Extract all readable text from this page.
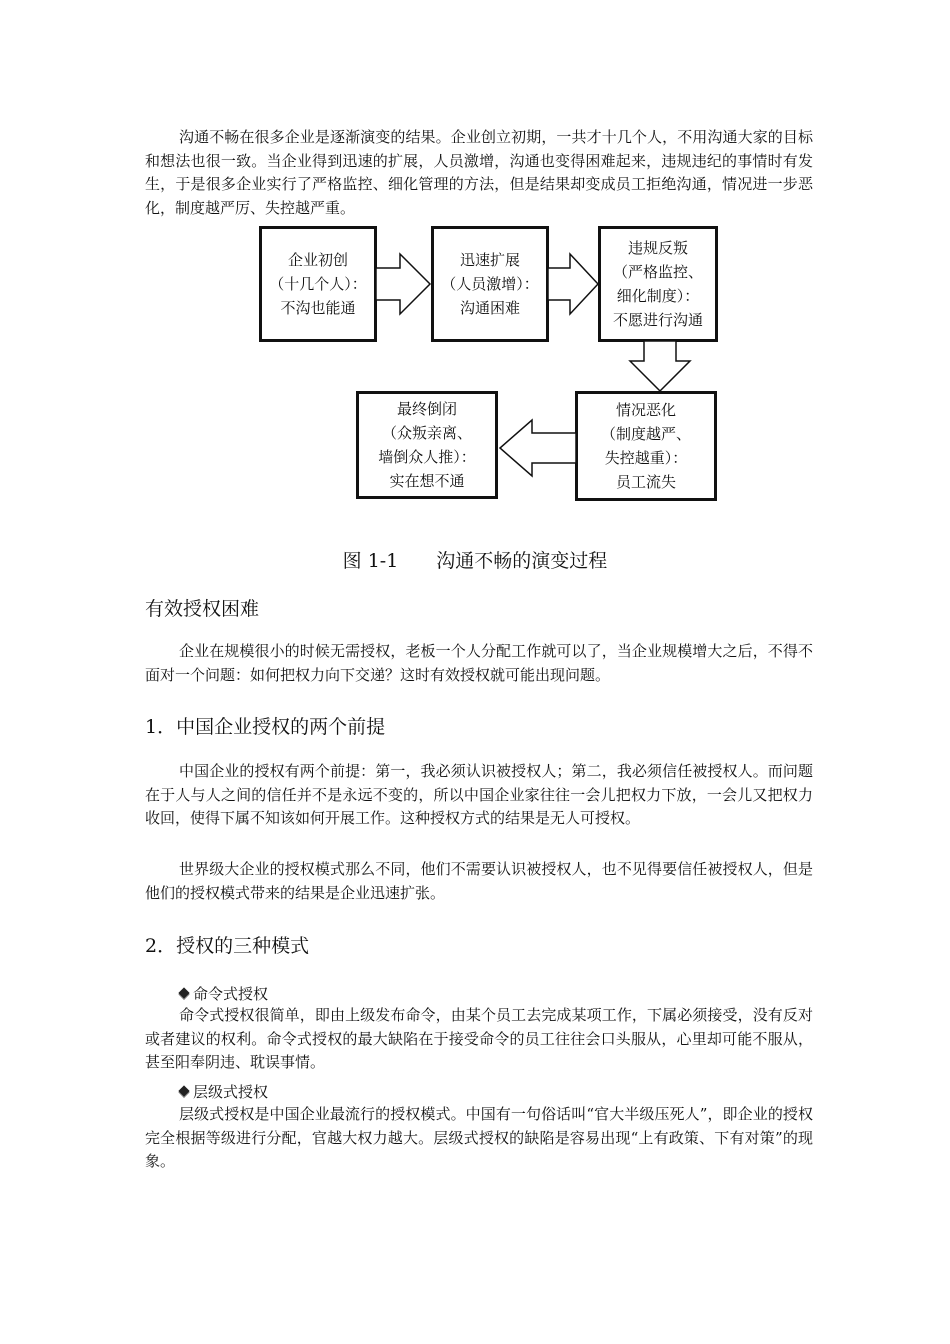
沟通不畅在很多企业是逐渐演变的结果。企业创立初期，一共才十几个人，不用沟通大家的目标和想法也很一致。当企业得到迅速的扩展，人员激增，沟通也变得困难起来，违规违纪的事情时有发生，于是很多企业实行了严格监控、细化管理的方法，但是结果却变成员工拒绝沟通，情况进一步恶化，制度越严厉、失控越严重。

企业初创
（十几个人）：
不沟也能通
迅速扩展
（人员激增）：
沟通困难
违规反叛
（严格监控、
细化制度）：
不愿进行沟通
情况恶化
（制度越严、
失控越重）：
员工流失
最终倒闭
（众叛亲离、
墙倒众人推）：
实在想不通
图 1-1　　沟通不畅的演变过程
有效授权困难

企业在规模很小的时候无需授权，老板一个人分配工作就可以了，当企业规模增大之后，不得不面对一个问题：如何把权力向下交递？这时有效授权就可能出现问题。

1．中国企业授权的两个前提

中国企业的授权有两个前提：第一，我必须认识被授权人；第二，我必须信任被授权人。而问题在于人与人之间的信任并不是永远不变的，所以中国企业家往往一会儿把权力下放，一会儿又把权力收回，使得下属不知该如何开展工作。这种授权方式的结果是无人可授权。

世界级大企业的授权模式那么不同，他们不需要认识被授权人，也不见得要信任被授权人，但是他们的授权模式带来的结果是企业迅速扩张。

2．授权的三种模式
命令式授权

命令式授权很简单，即由上级发布命令，由某个员工去完成某项工作，下属必须接受，没有反对或者建议的权利。命令式授权的最大缺陷在于接受命令的员工往往会口头服从，心里却可能不服从，甚至阳奉阴违、耽误事情。

层级式授权

层级式授权是中国企业最流行的授权模式。中国有一句俗话叫“官大半级压死人”，即企业的授权完全根据等级进行分配，官越大权力越大。层级式授权的缺陷是容易出现“上有政策、下有对策”的现象。
